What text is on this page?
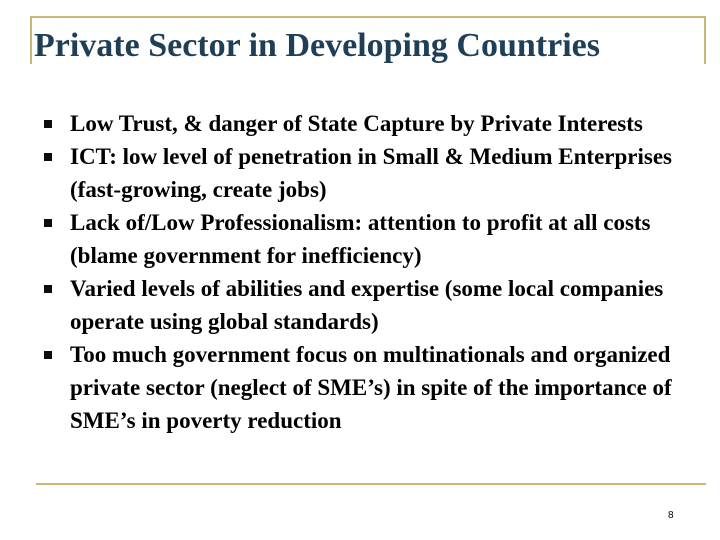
Private Sector in Developing Countries
Low Trust, & danger of State Capture by Private Interests
ICT: low level of penetration in Small & Medium Enterprises (fast-growing, create jobs)
Lack of/Low Professionalism: attention to profit at all costs (blame government for inefficiency)
Varied levels of abilities and expertise (some local companies operate using global standards)
Too much government focus on multinationals and organized private sector (neglect of SME’s) in spite of the importance of SME’s in poverty reduction
8
